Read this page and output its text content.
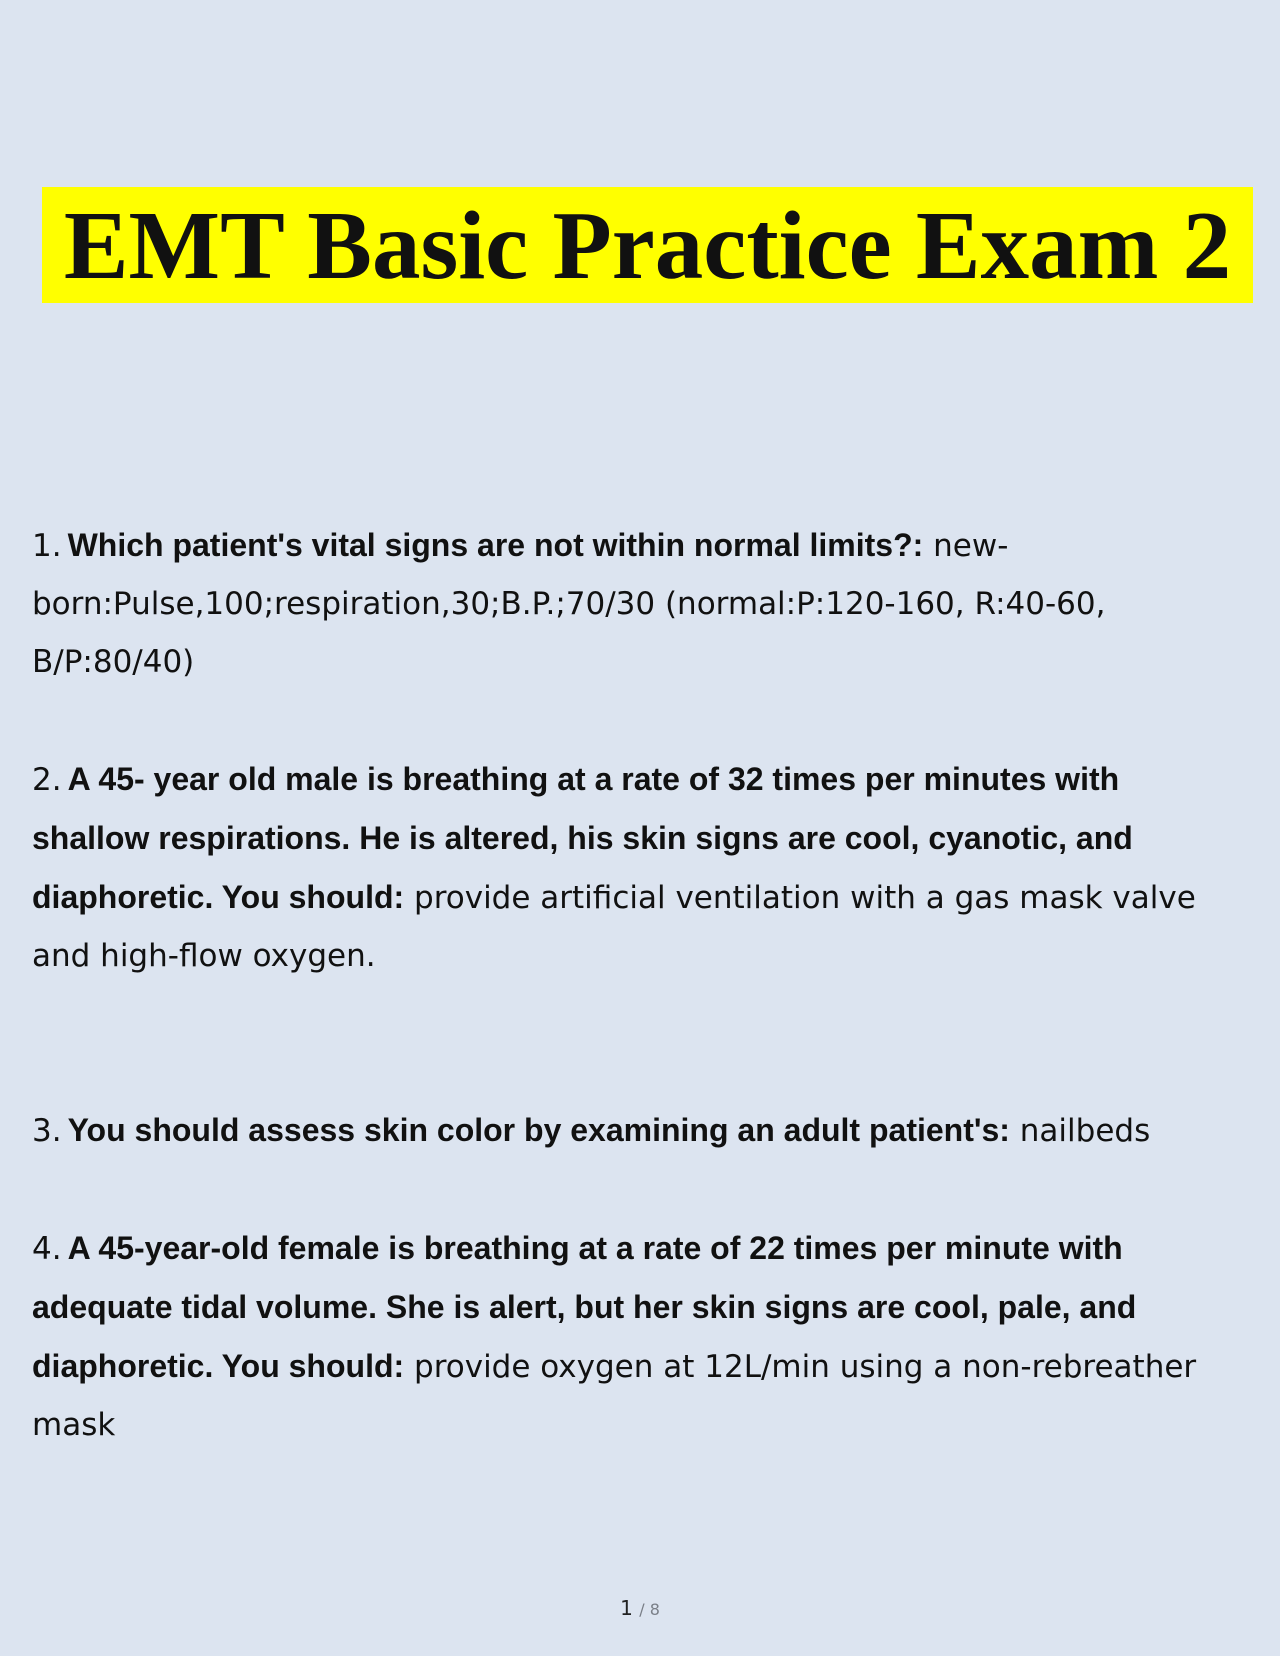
EMT Basic Practice Exam 2
1. Which patient's vital signs are not within normal limits?: new-born:Pulse,100;respiration,30;B.P.;70/30 (normal:P:120-160, R:40-60, B/P:80/40)
2. A 45- year old male is breathing at a rate of 32 times per minutes with shallow respirations. He is altered, his skin signs are cool, cyanotic, and diaphoretic. You should: provide artificial ventilation with a gas mask valve and high-flow oxygen.
3. You should assess skin color by examining an adult patient's: nailbeds
4. A 45-year-old female is breathing at a rate of 22 times per minute with adequate tidal volume. She is alert, but her skin signs are cool, pale, and diaphoretic. You should: provide oxygen at 12L/min using a non-rebreather mask
1 / 8
